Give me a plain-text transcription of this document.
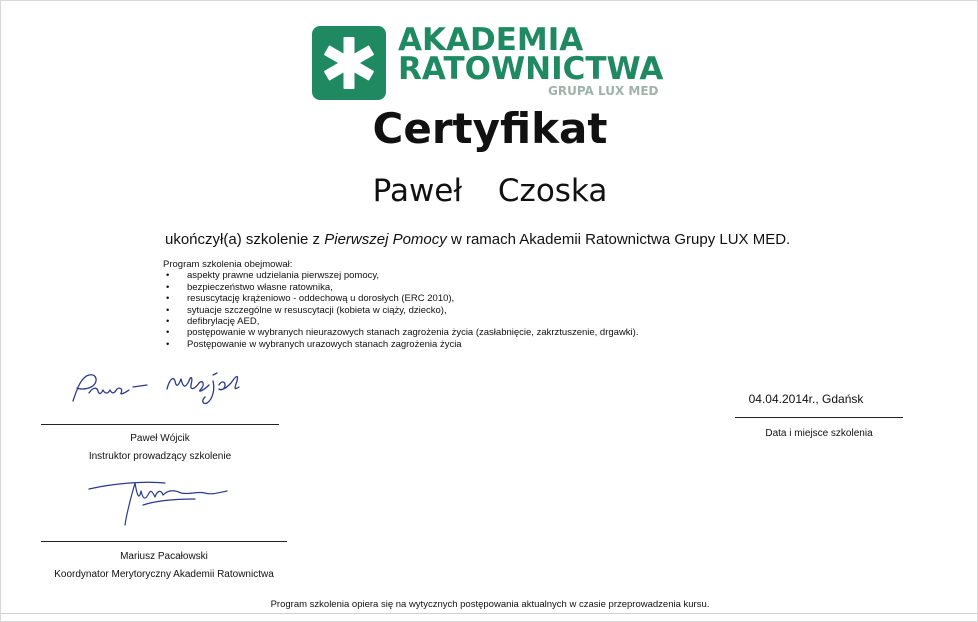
AKADEMIA
RATOWNICTWA
GRUPA LUX MED
Certyfikat
Paweł  Czoska
ukończył(a) szkolenie z Pierwszej Pomocy w ramach Akademii Ratownictwa Grupy LUX MED.
Program szkolenia obejmował:
• aspekty prawne udzielania pierwszej pomocy,
• bezpieczeństwo własne ratownika,
• resuscytację krążeniowo - oddechową u dorosłych (ERC 2010),
• sytuacje szczególne w resuscytacji (kobieta w ciąży, dziecko),
• defibrylację AED,
• postępowanie w wybranych nieurazowych stanach zagrożenia życia (zasłabnięcie, zakrztuszenie, drgawki).
• Postępowanie w wybranych urazowych stanach zagrożenia życia
Paweł Wójcik
Instruktor prowadzący szkolenie
Mariusz Pacałowski
Koordynator Merytoryczny Akademii Ratownictwa
04.04.2014r., Gdańsk
Data i miejsce szkolenia
Program szkolenia opiera się na wytycznych postępowania aktualnych w czasie przeprowadzenia kursu.
